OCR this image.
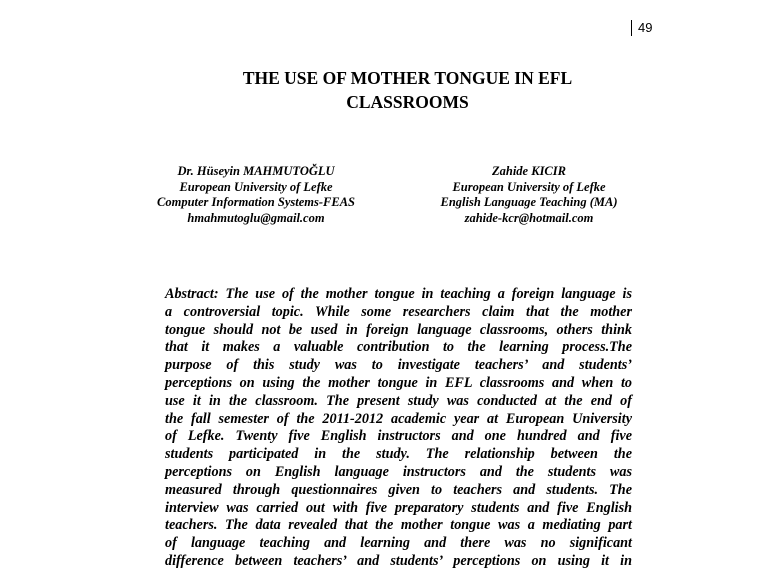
49
THE USE OF MOTHER TONGUE IN EFL
CLASSROOMS
Dr. Hüseyin MAHMUTOĞLU
European University of Lefke
Computer Information Systems-FEAS
hmahmutoglu@gmail.com
Zahide KICIR
European University of Lefke
English Language Teaching (MA)
zahide-kcr@hotmail.com
Abstract: The use of the mother tongue in teaching a foreign language is
a controversial topic. While some researchers claim that the mother
tongue should not be used in foreign language classrooms, others think
that it makes a valuable contribution to the learning process.The
purpose of this study was to investigate teachers’ and students’
perceptions on using the mother tongue in EFL classrooms and when to
use it in the classroom. The present study was conducted at the end of
the fall semester of the 2011-2012 academic year at European University
of Lefke. Twenty five English instructors and one hundred and five
students participated in the study. The relationship between the
perceptions on English language instructors and the students was
measured through questionnaires given to teachers and students. The
interview was carried out with five preparatory students and five English
teachers. The data revealed that the mother tongue was a mediating part
of language teaching and learning and there was no significant
difference between teachers’ and students’ perceptions on using it in
